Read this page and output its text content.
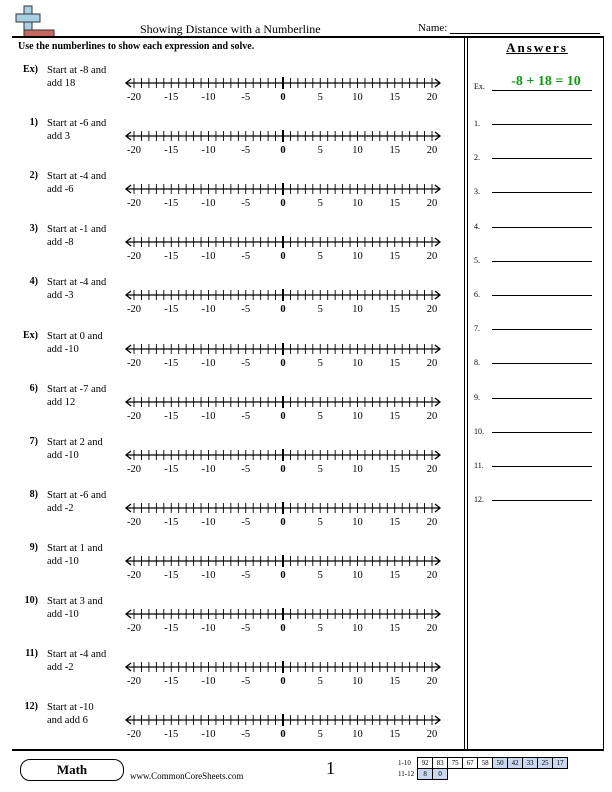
Showing Distance with a Numberline	Name:
Use the numberlines to show each expression and solve.
Ex) Start at -8 and
add 18
-20 -15 -10 -5	0	5	10	15	20
1) Start at -6 and
add 3
-20 -15 -10 -5	0	5	10	15	20
2) Start at -4 and
add -6
-20 -15 -10 -5	0	5	10	15	20
3) Start at -1 and
add -8
-20 -15 -10 -5	0	5	10	15	20
4) Start at -4 and
add -3
-20 -15 -10 -5	0	5	10	15	20
Ex) Start at 0 and
add -10
-20 -15 -10 -5	0	5	10	15	20
6) Start at -7 and
add 12
-20 -15 -10 -5	0	5	10	15	20
7) Start at 2 and
add -10
-20 -15 -10 -5	0	5	10	15	20
8) Start at -6 and
add -2
-20 -15 -10 -5	0	5	10	15	20
9) Start at 1 and
add -10
-20 -15 -10 -5	0	5	10	15	20
10) Start at 3 and
add -10
-20 -15 -10 -5	0	5	10	15	20
11) Start at -4 and
add -2
-20 -15 -10 -5	0	5	10	15	20
12) Start at -10
and add 6
-20 -15 -10 -5	0	5	10	15	20
Answers
Ex.	-8 + 18 = 10
1.
2.
3.
4.
5.
6.
7.
8.
9.
10.
11.
12.
Math	www.CommonCoreSheets.com	1	1-10	92	83	75	67	58	50	42	33	25	17
11-12	8	0								
